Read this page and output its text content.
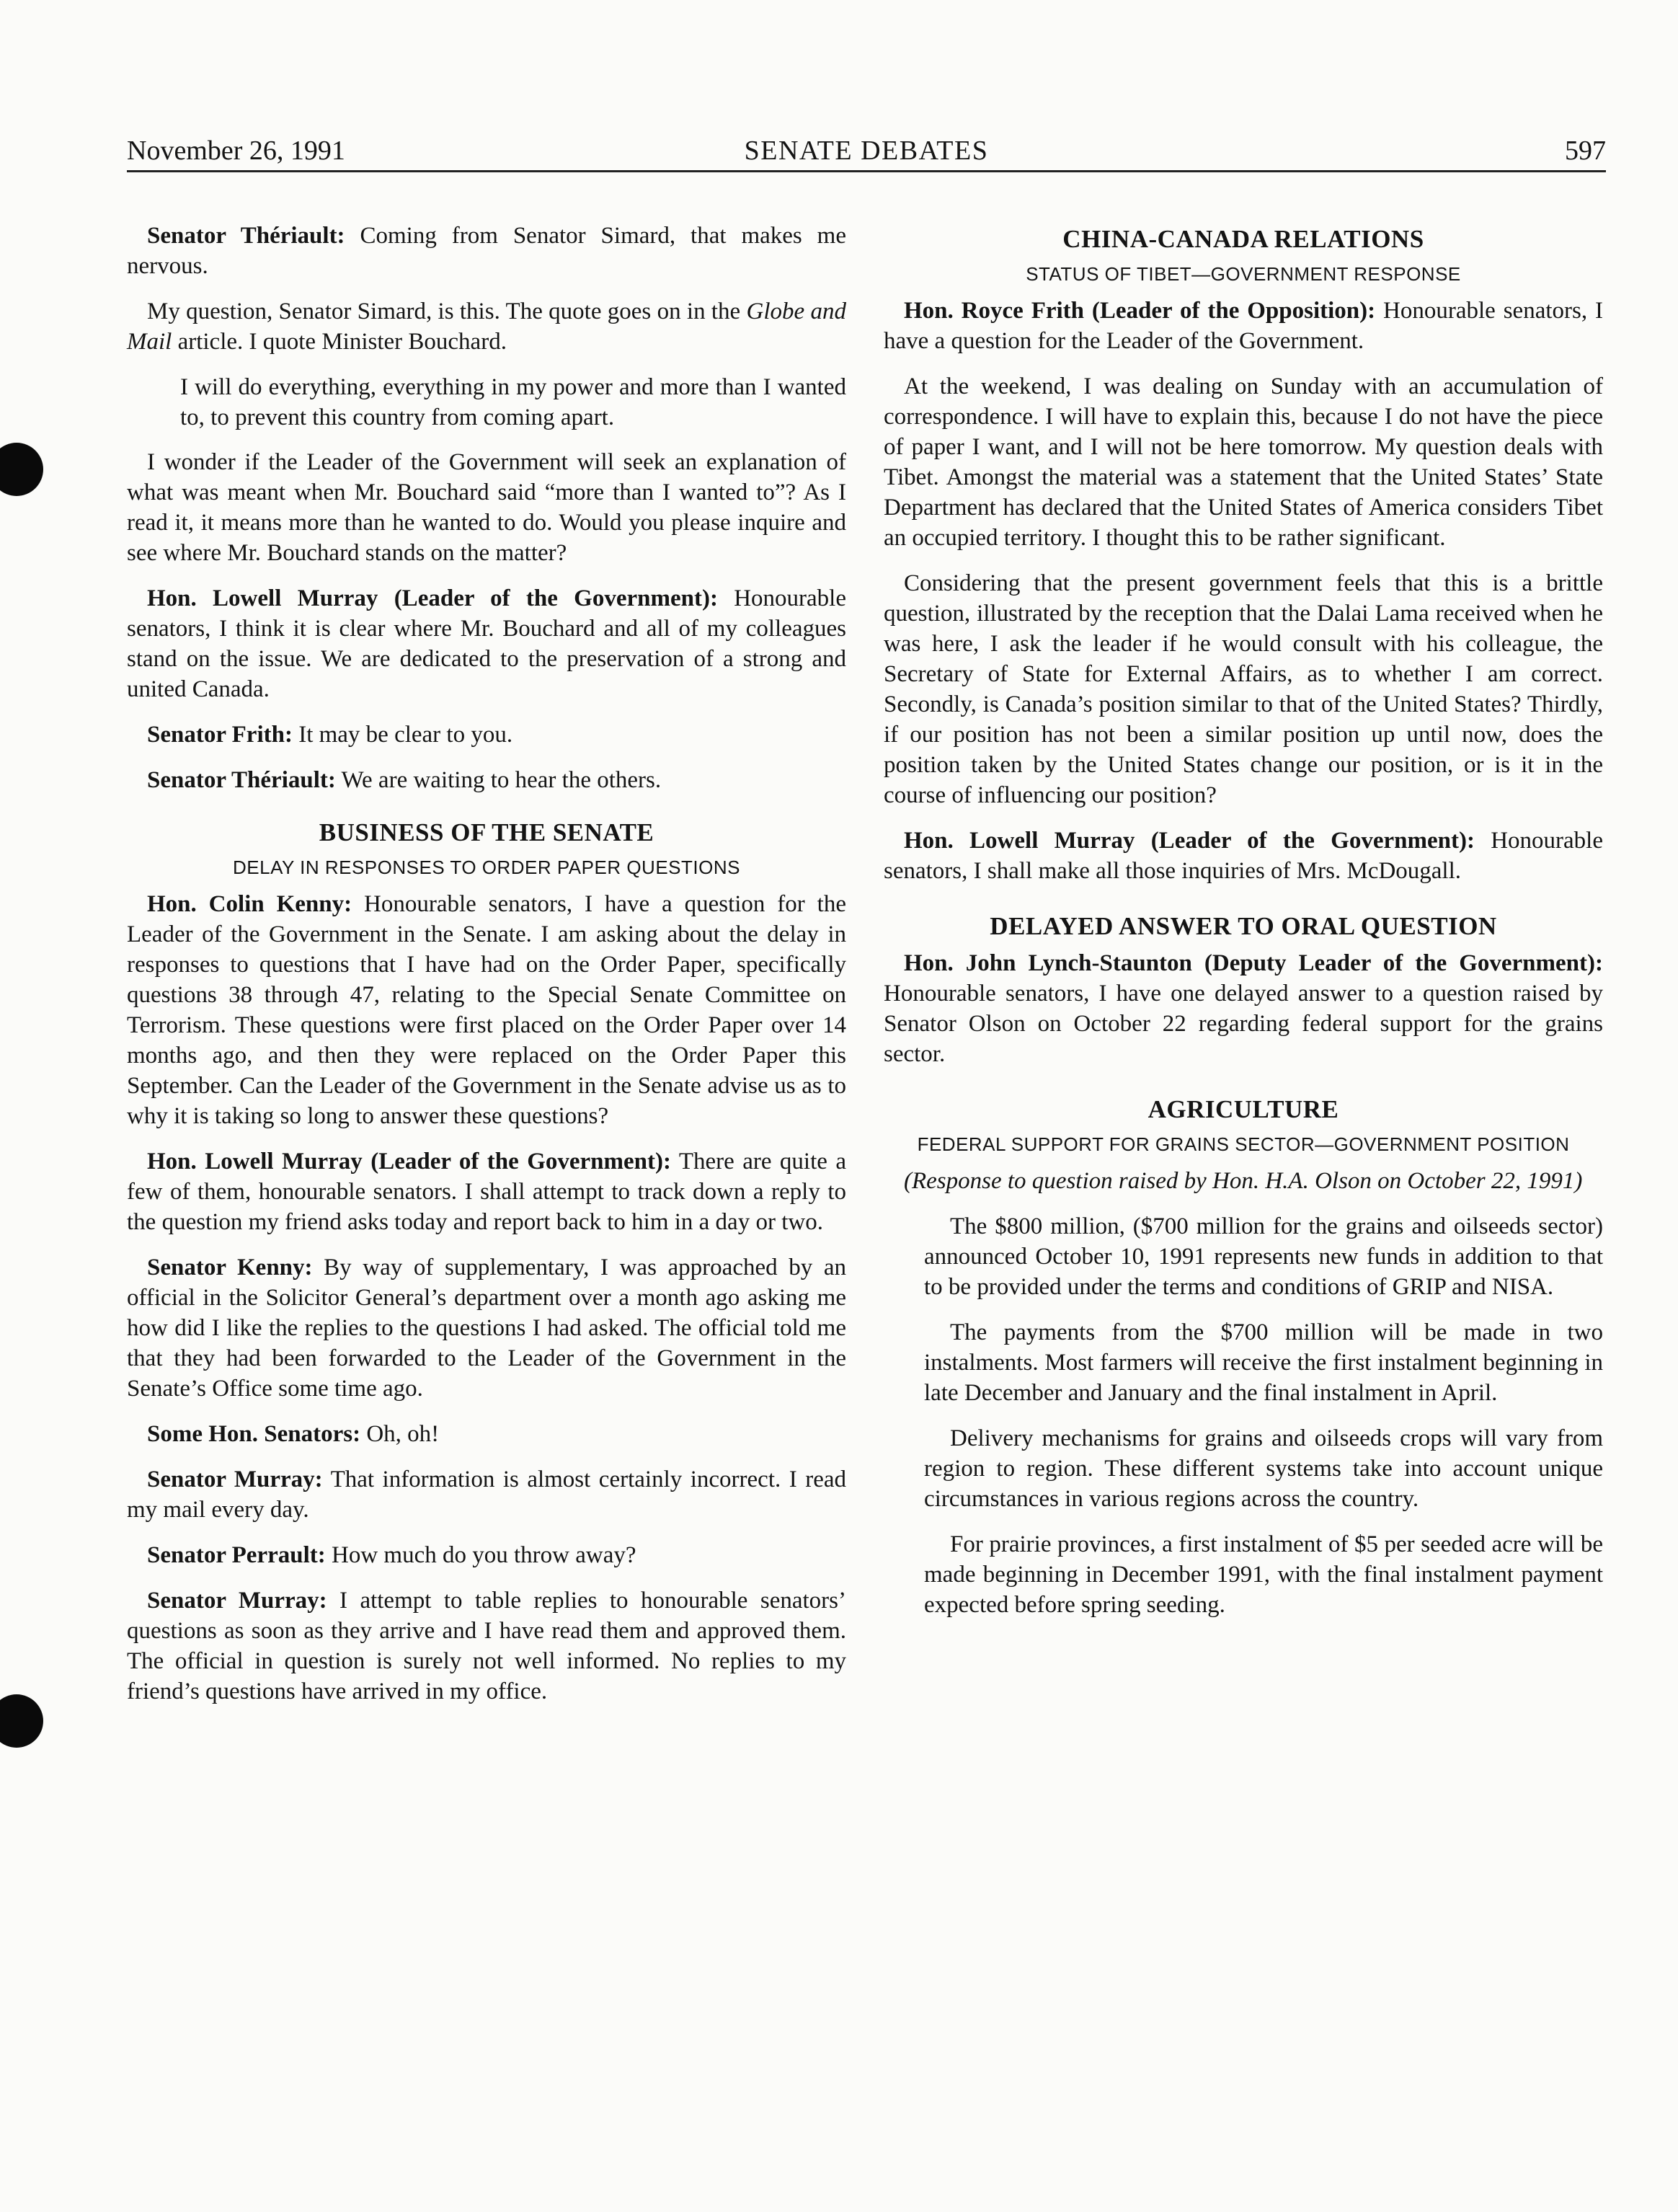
November 26, 1991	SENATE DEBATES	597

Senator Thériault: Coming from Senator Simard, that makes me nervous.

My question, Senator Simard, is this. The quote goes on in the Globe and Mail article. I quote Minister Bouchard.

I will do everything, everything in my power and more than I wanted to, to prevent this country from coming apart.

I wonder if the Leader of the Government will seek an explanation of what was meant when Mr. Bouchard said “more than I wanted to”? As I read it, it means more than he wanted to do. Would you please inquire and see where Mr. Bouchard stands on the matter?

Hon. Lowell Murray (Leader of the Government): Honourable senators, I think it is clear where Mr. Bouchard and all of my colleagues stand on the issue. We are dedicated to the preservation of a strong and united Canada.

Senator Frith: It may be clear to you.

Senator Thériault: We are waiting to hear the others.

BUSINESS OF THE SENATE
DELAY IN RESPONSES TO ORDER PAPER QUESTIONS

Hon. Colin Kenny: Honourable senators, I have a question for the Leader of the Government in the Senate. I am asking about the delay in responses to questions that I have had on the Order Paper, specifically questions 38 through 47, relating to the Special Senate Committee on Terrorism. These questions were first placed on the Order Paper over 14 months ago, and then they were replaced on the Order Paper this September. Can the Leader of the Government in the Senate advise us as to why it is taking so long to answer these questions?

Hon. Lowell Murray (Leader of the Government): There are quite a few of them, honourable senators. I shall attempt to track down a reply to the question my friend asks today and report back to him in a day or two.

Senator Kenny: By way of supplementary, I was approached by an official in the Solicitor General’s department over a month ago asking me how did I like the replies to the questions I had asked. The official told me that they had been forwarded to the Leader of the Government in the Senate’s Office some time ago.

Some Hon. Senators: Oh, oh!

Senator Murray: That information is almost certainly incorrect. I read my mail every day.

Senator Perrault: How much do you throw away?

Senator Murray: I attempt to table replies to honourable senators’ questions as soon as they arrive and I have read them and approved them. The official in question is surely not well informed. No replies to my friend’s questions have arrived in my office.

CHINA-CANADA RELATIONS
STATUS OF TIBET—GOVERNMENT RESPONSE

Hon. Royce Frith (Leader of the Opposition): Honourable senators, I have a question for the Leader of the Government.

At the weekend, I was dealing on Sunday with an accumulation of correspondence. I will have to explain this, because I do not have the piece of paper I want, and I will not be here tomorrow. My question deals with Tibet. Amongst the material was a statement that the United States’ State Department has declared that the United States of America considers Tibet an occupied territory. I thought this to be rather significant.

Considering that the present government feels that this is a brittle question, illustrated by the reception that the Dalai Lama received when he was here, I ask the leader if he would consult with his colleague, the Secretary of State for External Affairs, as to whether I am correct. Secondly, is Canada’s position similar to that of the United States? Thirdly, if our position has not been a similar position up until now, does the position taken by the United States change our position, or is it in the course of influencing our position?

Hon. Lowell Murray (Leader of the Government): Honourable senators, I shall make all those inquiries of Mrs. McDougall.

DELAYED ANSWER TO ORAL QUESTION

Hon. John Lynch-Staunton (Deputy Leader of the Government): Honourable senators, I have one delayed answer to a question raised by Senator Olson on October 22 regarding federal support for the grains sector.

AGRICULTURE
FEDERAL SUPPORT FOR GRAINS SECTOR—GOVERNMENT POSITION

(Response to question raised by Hon. H.A. Olson on October 22, 1991)

The $800 million, ($700 million for the grains and oilseeds sector) announced October 10, 1991 represents new funds in addition to that to be provided under the terms and conditions of GRIP and NISA.

The payments from the $700 million will be made in two instalments. Most farmers will receive the first instalment beginning in late December and January and the final instalment in April.

Delivery mechanisms for grains and oilseeds crops will vary from region to region. These different systems take into account unique circumstances in various regions across the country.

For prairie provinces, a first instalment of $5 per seeded acre will be made beginning in December 1991, with the final instalment payment expected before spring seeding.
